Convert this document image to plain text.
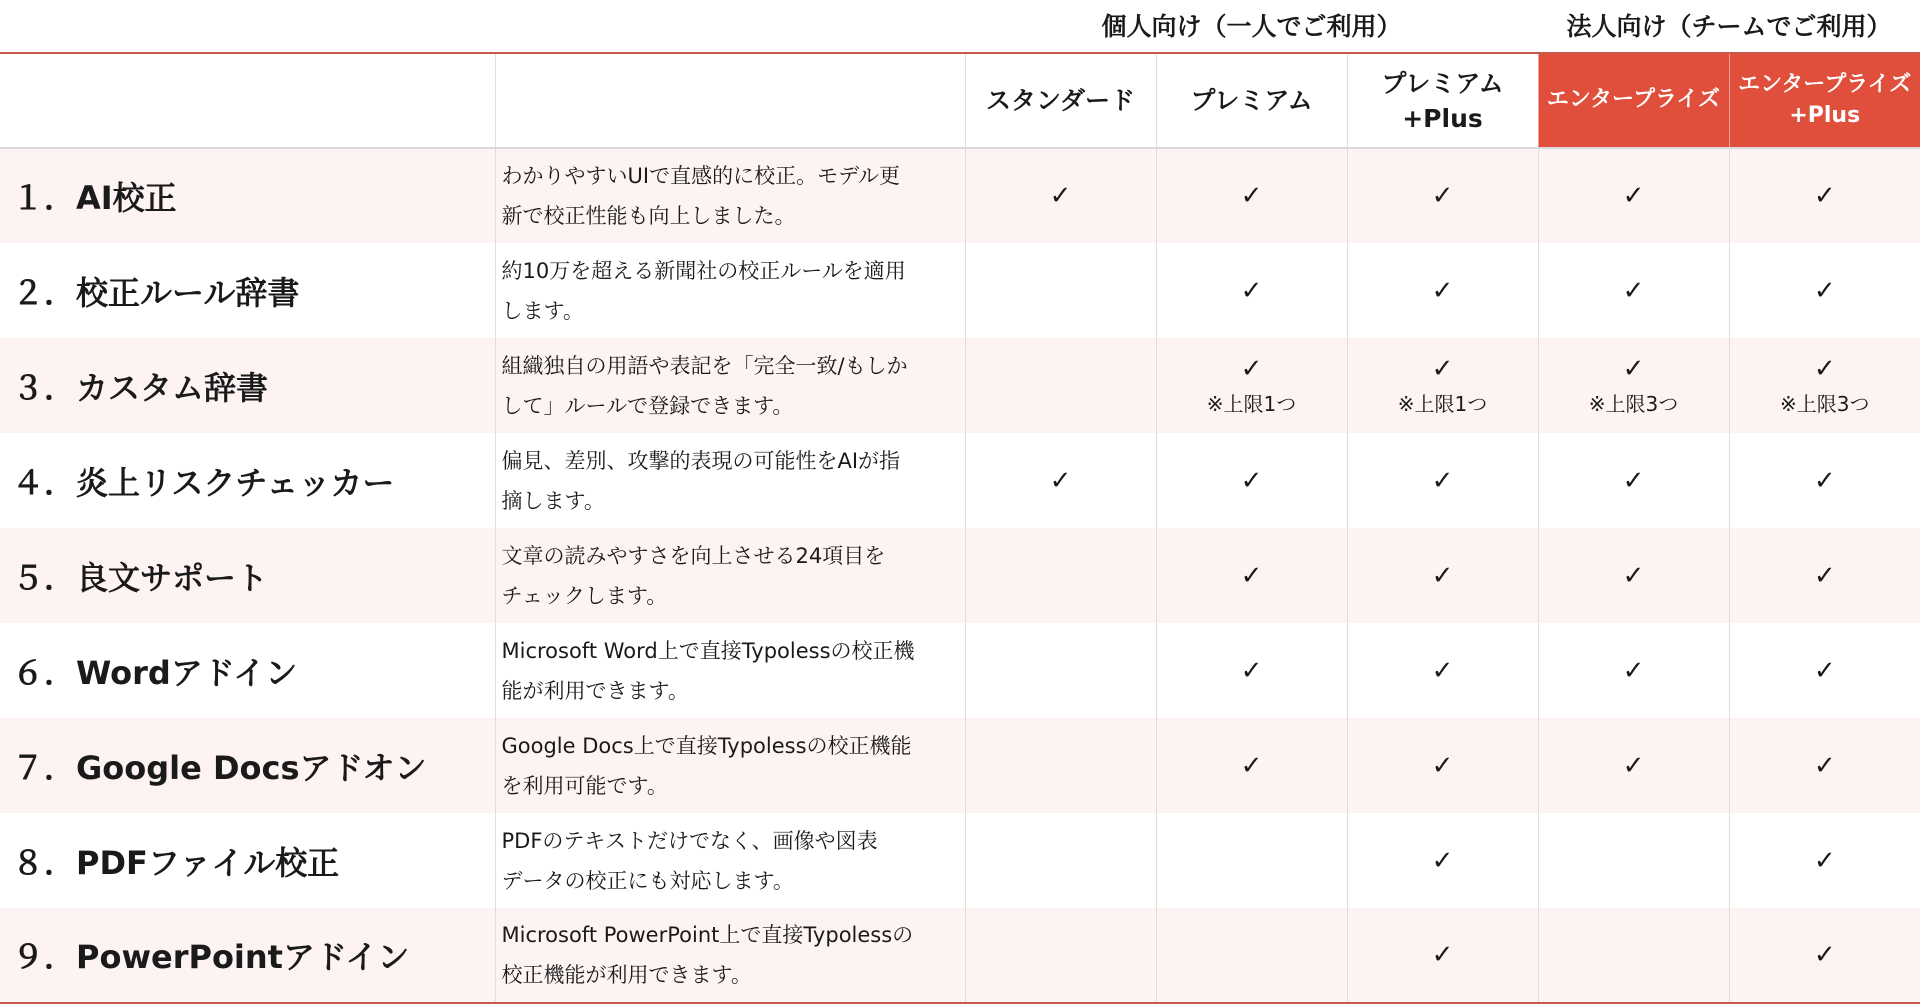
個人向け（一人でご利用）	法人向け（チームでご利用）

		スタンダード	プレミアム	プレミアム
+Plus	エンタープライズ	エンタープライズ
+Plus

１．AI校正	わかりやすいUIで直感的に校正。モデル更
新で校正性能も向上しました。	✓	✓	✓	✓	✓

２．校正ルール辞書	約10万を超える新聞社の校正ルールを適用
します。		✓	✓	✓	✓

３．カスタム辞書	組織独自の用語や表記を「完全一致/もしか
して」ルールで登録できます。		✓
※上限1つ	✓
※上限1つ	✓
※上限3つ	✓
※上限3つ

４．炎上リスクチェッカー	偏見、差別、攻撃的表現の可能性をAIが指
摘します。	✓	✓	✓	✓	✓

５．良文サポート	文章の読みやすさを向上させる24項目を
チェックします。		✓	✓	✓	✓

６．Wordアドイン	Microsoft Word上で直接Typolessの校正機
能が利用できます。		✓	✓	✓	✓

７．Google Docsアドオン	Google Docs上で直接Typolessの校正機能
を利用可能です。		✓	✓	✓	✓

８．PDFファイル校正	PDFのテキストだけでなく、画像や図表
データの校正にも対応します。			✓		✓

９．PowerPointアドイン	Microsoft PowerPoint上で直接Typolessの
校正機能が利用できます。			✓		✓
